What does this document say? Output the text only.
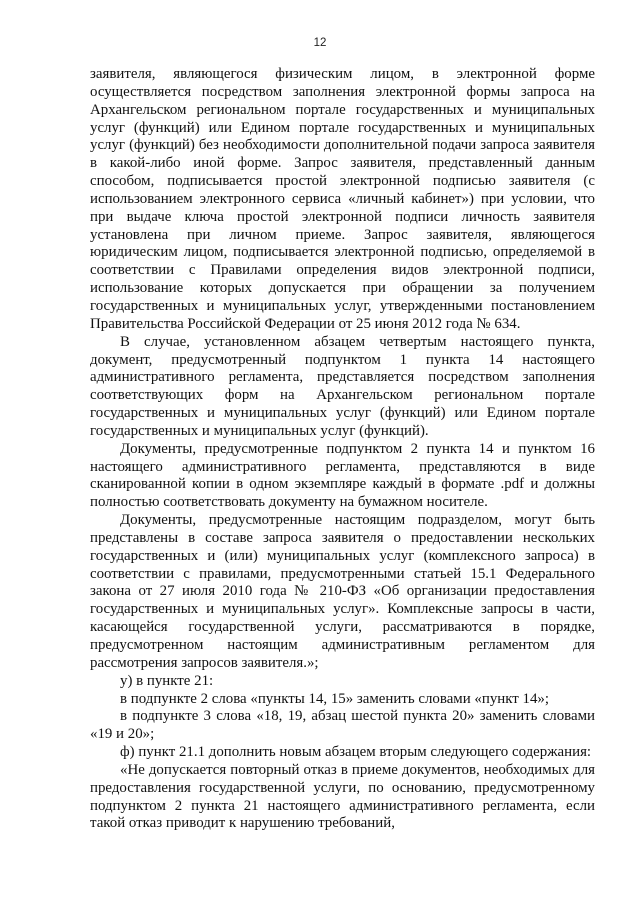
12

заявителя, являющегося физическим лицом, в электронной форме осуществляется посредством заполнения электронной формы запроса на Архангельском региональном портале государственных и муниципальных услуг (функций) или Едином портале государственных и муниципальных услуг (функций) без необходимости дополнительной подачи запроса заявителя в какой-либо иной форме. Запрос заявителя, представленный данным способом, подписывается простой электронной подписью заявителя (с использованием электронного сервиса «личный кабинет») при условии, что при выдаче ключа простой электронной подписи личность заявителя установлена при личном приеме. Запрос заявителя, являющегося юридическим лицом, подписывается электронной подписью, определяемой в соответствии с Правилами определения видов электронной подписи, использование которых допускается при обращении за получением государственных и муниципальных услуг, утвержденными постановлением Правительства Российской Федерации от 25 июня 2012 года № 634.

В случае, установленном абзацем четвертым настоящего пункта, документ, предусмотренный подпунктом 1 пункта 14 настоящего административного регламента, представляется посредством заполнения соответствующих форм на Архангельском региональном портале государственных и муниципальных услуг (функций) или Едином портале государственных и муниципальных услуг (функций).

Документы, предусмотренные подпунктом 2 пункта 14 и пунктом 16 настоящего административного регламента, представляются в виде сканированной копии в одном экземпляре каждый в формате .pdf и должны полностью соответствовать документу на бумажном носителе.

Документы, предусмотренные настоящим подразделом, могут быть представлены в составе запроса заявителя о предоставлении нескольких государственных и (или) муниципальных услуг (комплексного запроса) в соответствии с правилами, предусмотренными статьей 15.1 Федерального закона от 27 июля 2010 года № 210-ФЗ «Об организации предоставления государственных и муниципальных услуг». Комплексные запросы в части, касающейся государственной услуги, рассматриваются в порядке, предусмотренном настоящим административным регламентом для рассмотрения запросов заявителя.»;

у) в пункте 21:

в подпункте 2 слова «пункты 14, 15» заменить словами «пункт 14»;

в подпункте 3 слова «18, 19, абзац шестой пункта 20» заменить словами «19 и 20»;

ф) пункт 21.1 дополнить новым абзацем вторым следующего содержания:

«Не допускается повторный отказ в приеме документов, необходимых для предоставления государственной услуги, по основанию, предусмотренному подпунктом 2 пункта 21 настоящего административного регламента, если такой отказ приводит к нарушению требований,
